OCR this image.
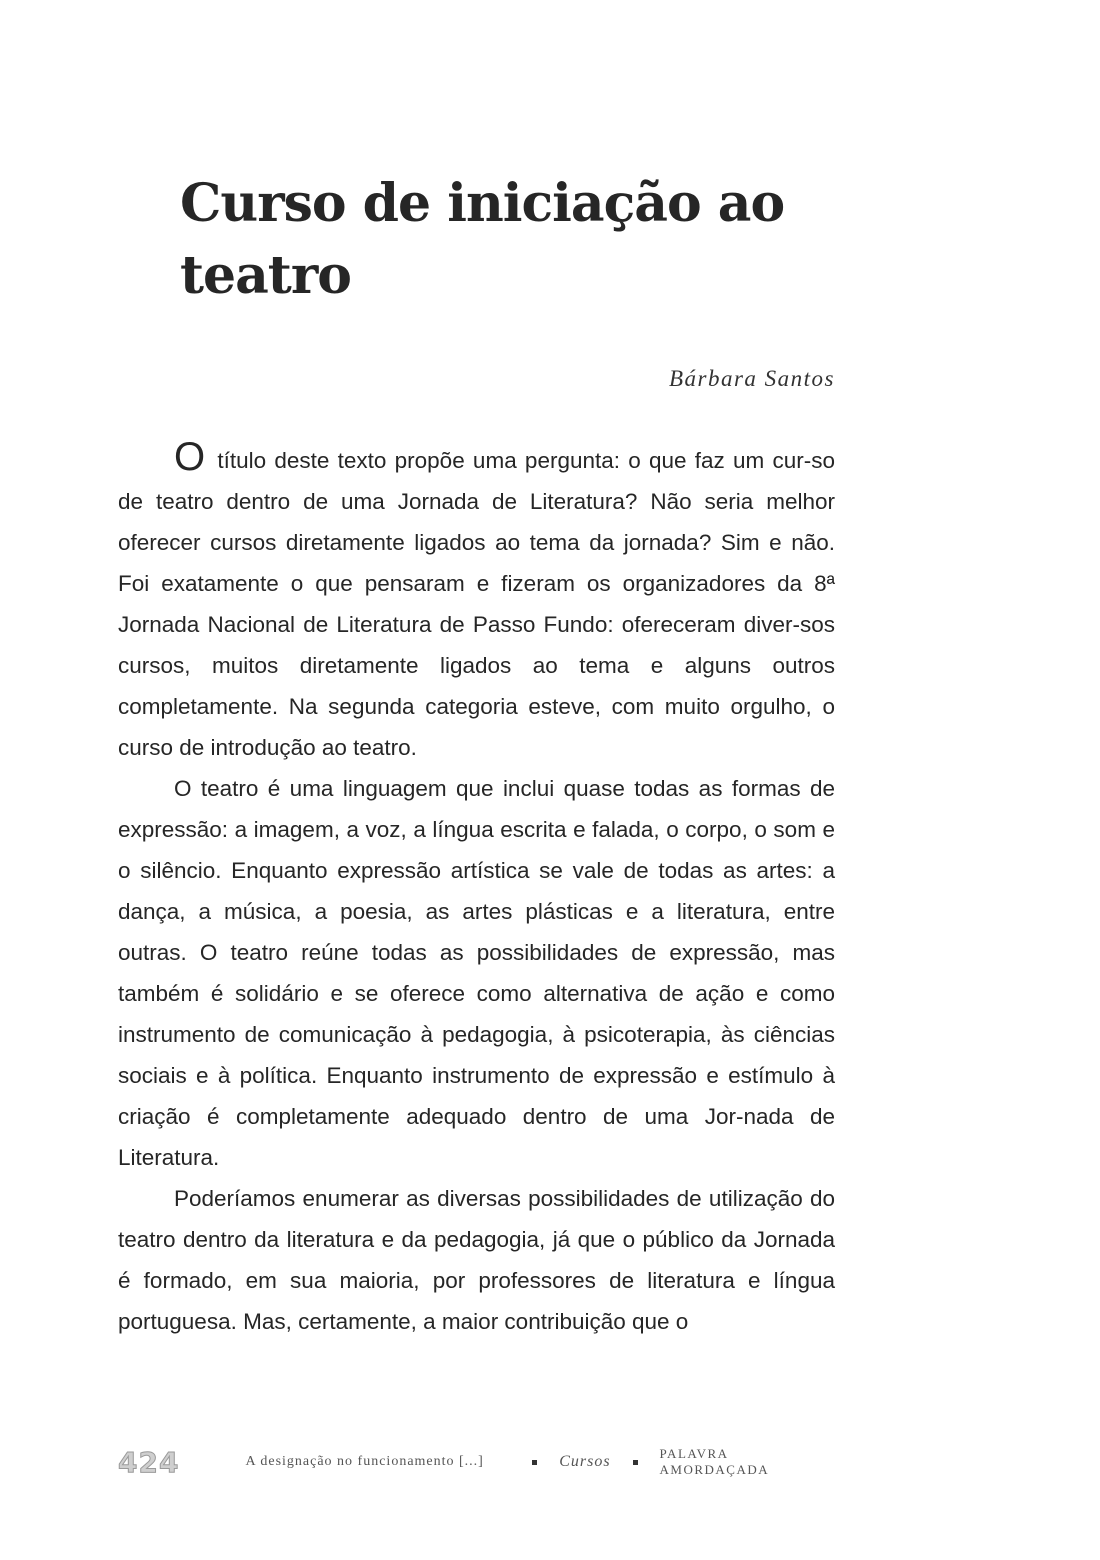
Curso de iniciação ao teatro
Bárbara Santos

O título deste texto propõe uma pergunta: o que faz um cur-so de teatro dentro de uma Jornada de Literatura? Não seria melhor oferecer cursos diretamente ligados ao tema da jornada? Sim e não. Foi exatamente o que pensaram e fizeram os organizadores da 8ª Jornada Nacional de Literatura de Passo Fundo: ofereceram diver-sos cursos, muitos diretamente ligados ao tema e alguns outros completamente. Na segunda categoria esteve, com muito orgulho, o curso de introdução ao teatro.

O teatro é uma linguagem que inclui quase todas as formas de expressão: a imagem, a voz, a língua escrita e falada, o corpo, o som e o silêncio. Enquanto expressão artística se vale de todas as artes: a dança, a música, a poesia, as artes plásticas e a literatura, entre outras. O teatro reúne todas as possibilidades de expressão, mas também é solidário e se oferece como alternativa de ação e como instrumento de comunicação à pedagogia, à psicoterapia, às ciências sociais e à política. Enquanto instrumento de expressão e estímulo à criação é completamente adequado dentro de uma Jor-nada de Literatura.

Poderíamos enumerar as diversas possibilidades de utilização do teatro dentro da literatura e da pedagogia, já que o público da Jornada é formado, em sua maioria, por professores de literatura e língua portuguesa. Mas, certamente, a maior contribuição que o

424	A designação no funcionamento [...]	Cursos	PALAVRA AMORDAÇADA
